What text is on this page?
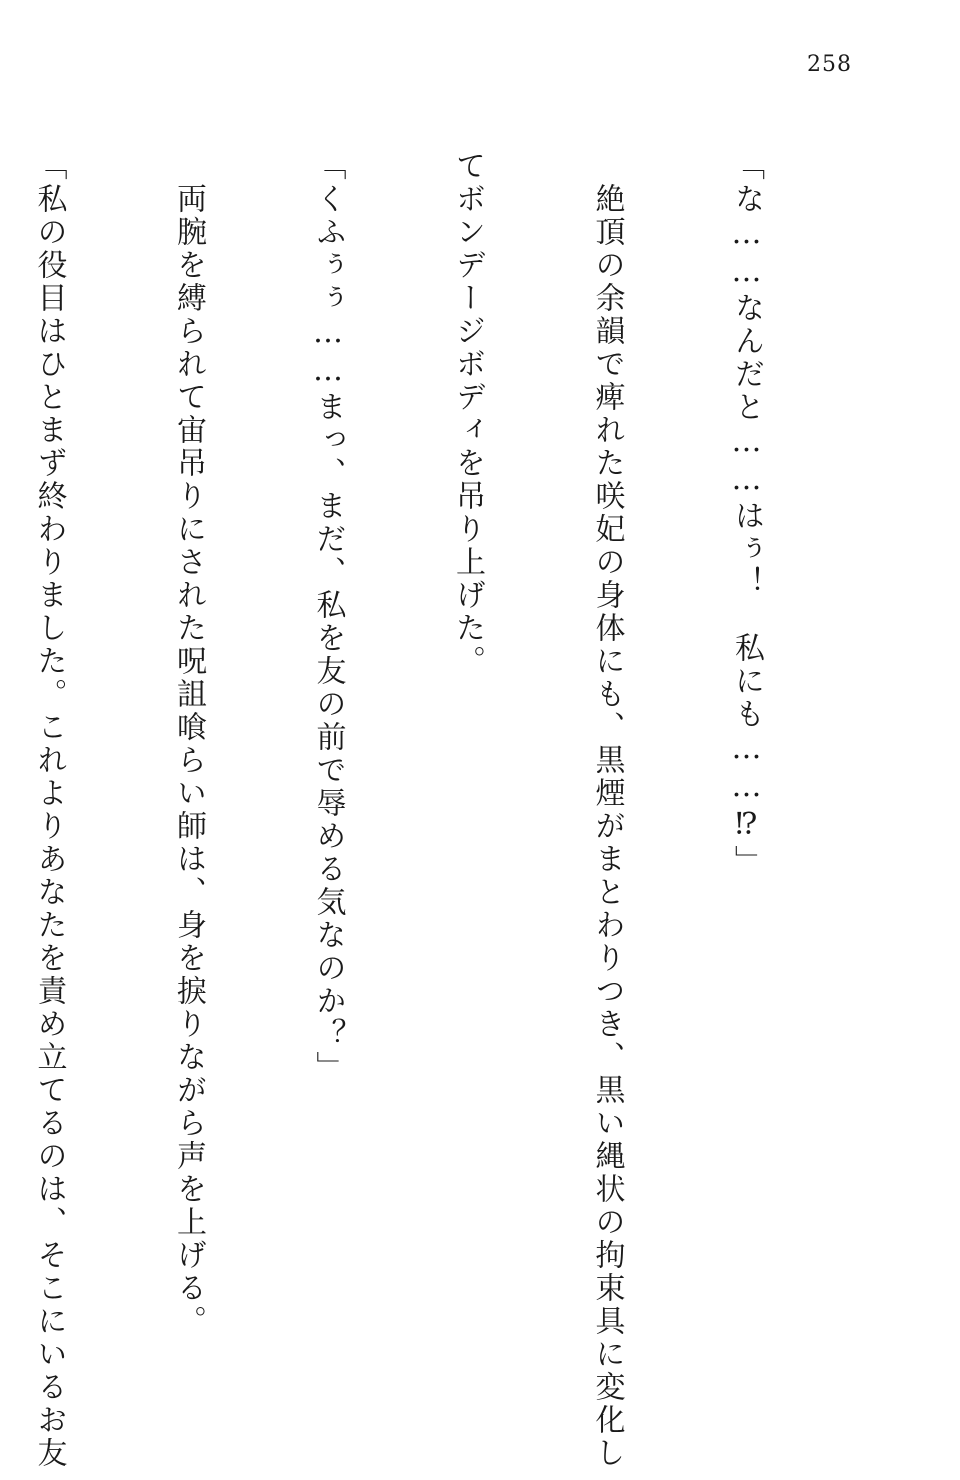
258

「な……なんだと……はぅ！　私にも……⁉」

　絶頂の余韻で痺れた咲妃の身体にも、黒煙がまとわりつき、黒い縄状の拘束具に変化し

てボンデージボディを吊り上げた。

「くふぅぅ……まっ、まだ、私を友の前で辱める気なのか？」

　両腕を縛られて宙吊りにされた呪詛喰らい師は、身を捩りながら声を上げる。

「私の役目はひとまず終わりました。これよりあなたを責め立てるのは、そこにいるお友
